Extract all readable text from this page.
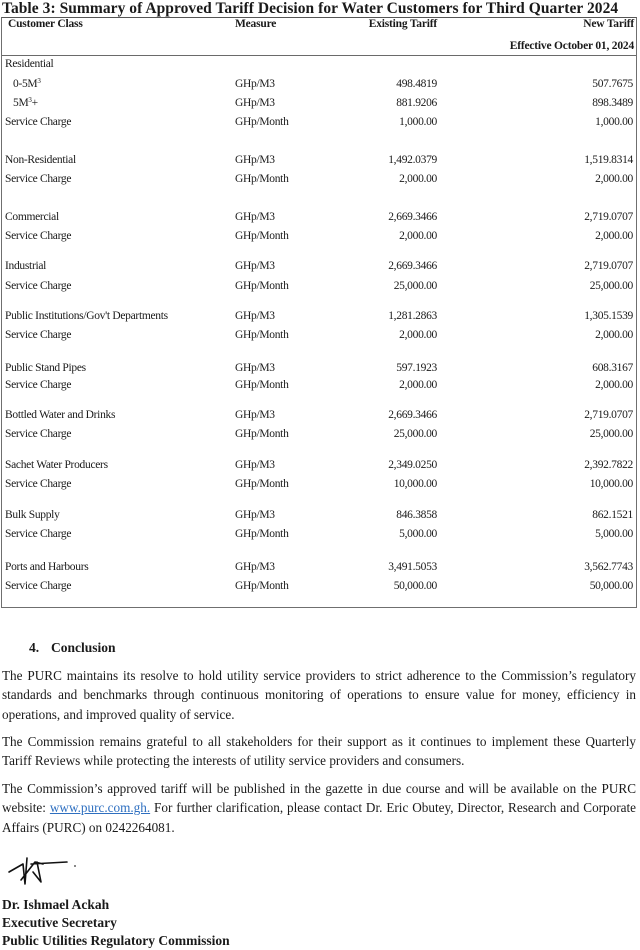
Table 3: Summary of Approved Tariff Decision for Water Customers for Third Quarter 2024
Customer Class	Measure	Existing Tariff	New Tariff
Effective October 01, 2024
Residential
$0-5M^3$	GHp/M3	498.4819	507.7675
$5M^3+$	GHp/M3	881.9206	898.3489
Service Charge	GHp/Month	1,000.00	1,000.00
Non-Residential	GHp/M3	1,492.0379	1,519.8314
Service Charge	GHp/Month	2,000.00	2,000.00
Commercial	GHp/M3	2,669.3466	2,719.0707
Service Charge	GHp/Month	2,000.00	2,000.00
Industrial	GHp/M3	2,669.3466	2,719.0707
Service Charge	GHp/Month	25,000.00	25,000.00
Public Institutions/Gov't Departments	GHp/M3	1,281.2863	1,305.1539
Service Charge	GHp/Month	2,000.00	2,000.00
Public Stand Pipes	GHp/M3	597.1923	608.3167
Service Charge	GHp/Month	2,000.00	2,000.00
Bottled Water and Drinks	GHp/M3	2,669.3466	2,719.0707
Service Charge	GHp/Month	25,000.00	25,000.00
Sachet Water Producers	GHp/M3	2,349.0250	2,392.7822
Service Charge	GHp/Month	10,000.00	10,000.00
Bulk Supply	GHp/M3	846.3858	862.1521
Service Charge	GHp/Month	5,000.00	5,000.00
Ports and Harbours	GHp/M3	3,491.5053	3,562.7743
Service Charge	GHp/Month	50,000.00	50,000.00
4. Conclusion
The PURC maintains its resolve to hold utility service providers to strict adherence to the Commission’s regulatory standards and benchmarks through continuous monitoring of operations to ensure value for money, efficiency in operations, and improved quality of service.
The Commission remains grateful to all stakeholders for their support as it continues to implement these Quarterly Tariff Reviews while protecting the interests of utility service providers and consumers.
The Commission’s approved tariff will be published in the gazette in due course and will be available on the PURC website: www.purc.com.gh. For further clarification, please contact Dr. Eric Obutey, Director, Research and Corporate Affairs (PURC) on 0242264081.
Dr. Ishmael Ackah
Executive Secretary
Public Utilities Regulatory Commission
